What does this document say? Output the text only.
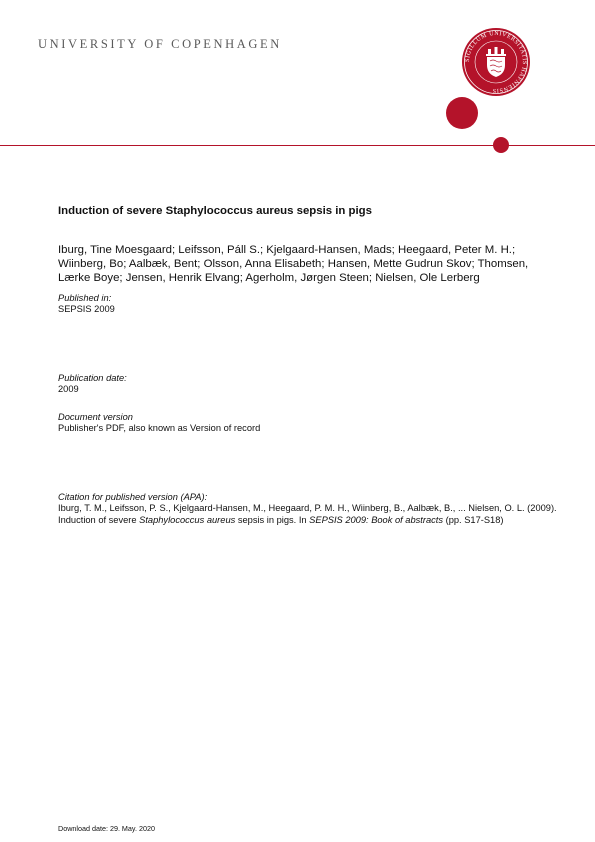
UNIVERSITY OF COPENHAGEN
SIGILLUM UNIVERSITATIS HAFNIENSIS
Induction of severe Staphylococcus aureus sepsis in pigs
Iburg, Tine Moesgaard; Leifsson, Páll S.; Kjelgaard-Hansen, Mads; Heegaard, Peter M. H.; Wiinberg, Bo; Aalbæk, Bent; Olsson, Anna Elisabeth; Hansen, Mette Gudrun Skov; Thomsen, Lærke Boye; Jensen, Henrik Elvang; Agerholm, Jørgen Steen; Nielsen, Ole Lerberg
Published in:
SEPSIS 2009
Publication date:
2009
Document version
Publisher's PDF, also known as Version of record
Citation for published version (APA):
Iburg, T. M., Leifsson, P. S., Kjelgaard-Hansen, M., Heegaard, P. M. H., Wiinberg, B., Aalbæk, B., ... Nielsen, O. L. (2009). Induction of severe Staphylococcus aureus sepsis in pigs. In SEPSIS 2009: Book of abstracts (pp. S17-S18)
Download date: 29. May. 2020
